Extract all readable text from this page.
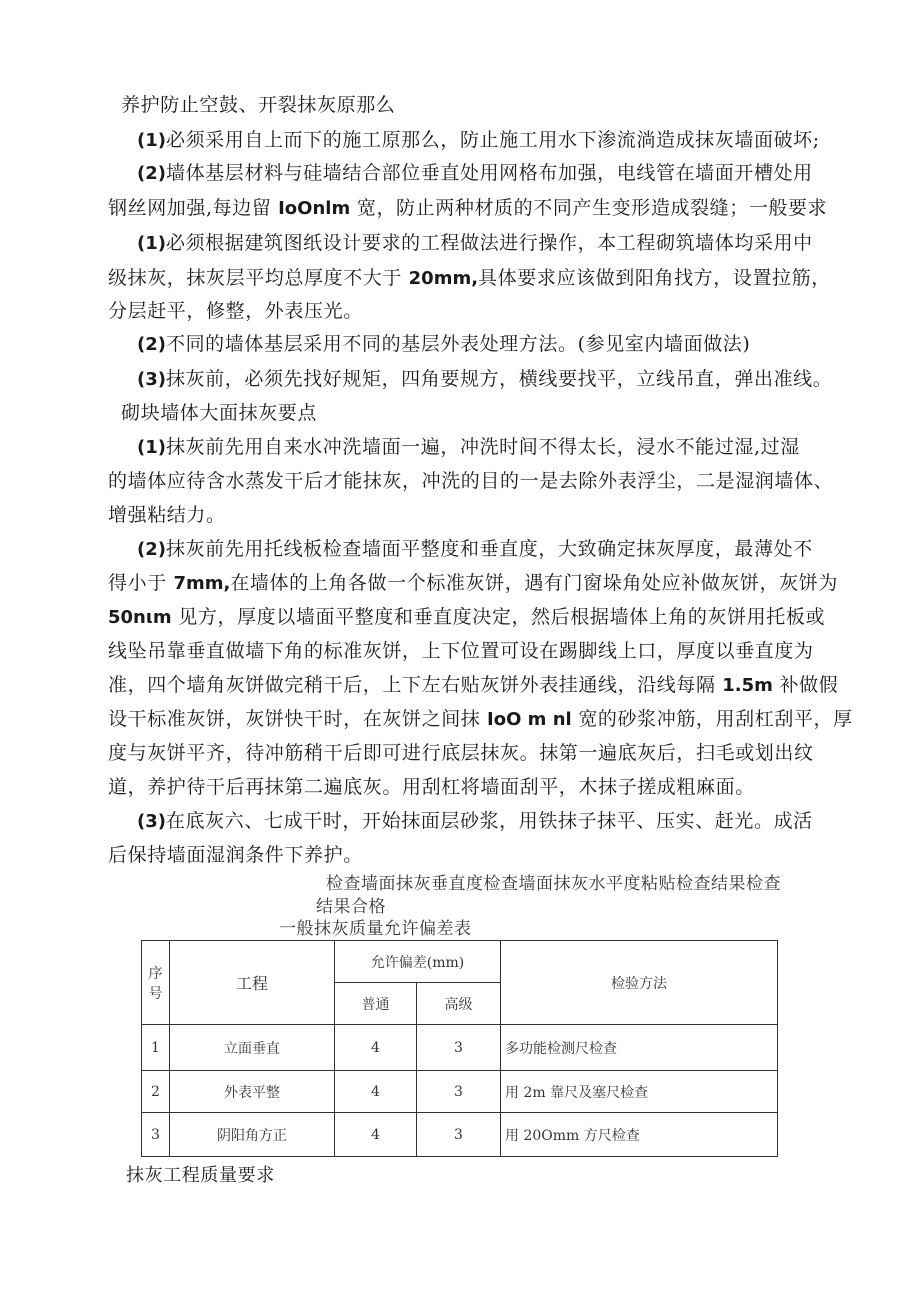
养护防止空鼓、开裂抹灰原那么
(1)必须采用自上而下的施工原那么，防止施工用水下渗流淌造成抹灰墙面破坏;
(2)墙体基层材料与硅墙结合部位垂直处用网格布加强，电线管在墙面开槽处用
钢丝网加强,每边留 IoOnlm 宽，防止两种材质的不同产生变形造成裂缝；一般要求
(1)必须根据建筑图纸设计要求的工程做法进行操作，本工程砌筑墙体均采用中
级抹灰，抹灰层平均总厚度不大于 20mm,具体要求应该做到阳角找方，设置拉筋，
分层赶平，修整，外表压光。
(2)不同的墙体基层采用不同的基层外表处理方法。(参见室内墙面做法)
(3)抹灰前，必须先找好规矩，四角要规方，横线要找平，立线吊直，弹出准线。
砌块墙体大面抹灰要点
(1)抹灰前先用自来水冲洗墙面一遍，冲洗时间不得太长，浸水不能过湿,过湿
的墙体应待含水蒸发干后才能抹灰，冲洗的目的一是去除外表浮尘，二是湿润墙体、
增强粘结力。
(2)抹灰前先用托线板检查墙面平整度和垂直度，大致确定抹灰厚度，最薄处不
得小于 7mm,在墙体的上角各做一个标准灰饼，遇有门窗垛角处应补做灰饼，灰饼为
50nιm 见方，厚度以墙面平整度和垂直度决定，然后根据墙体上角的灰饼用托板或
线坠吊靠垂直做墙下角的标准灰饼，上下位置可设在踢脚线上口，厚度以垂直度为
准，四个墙角灰饼做完稍干后，上下左右贴灰饼外表挂通线，沿线每隔 1.5m 补做假
设干标准灰饼，灰饼快干时，在灰饼之间抹 IoO m nl 宽的砂浆冲筋，用刮杠刮平，厚
度与灰饼平齐，待冲筋稍干后即可进行底层抹灰。抹第一遍底灰后，扫毛或划出纹
道，养护待干后再抹第二遍底灰。用刮杠将墙面刮平，木抹子搓成粗麻面。
(3)在底灰六、七成干时，开始抹面层砂浆，用铁抹子抹平、压实、赶光。成活
后保持墙面湿润条件下养护。
检查墙面抹灰垂直度检查墙面抹灰水平度粘贴检查结果检查
结果合格
一般抹灰质量允许偏差表
序号	工程	允许偏差(mm)		检验方法
		普通	高级	
1	立面垂直	4	3	多功能检测尺检查
2	外表平整	4	3	用 2m 靠尺及塞尺检查
3	阴阳角方正	4	3	用 20Omm 方尺检查
抹灰工程质量要求
